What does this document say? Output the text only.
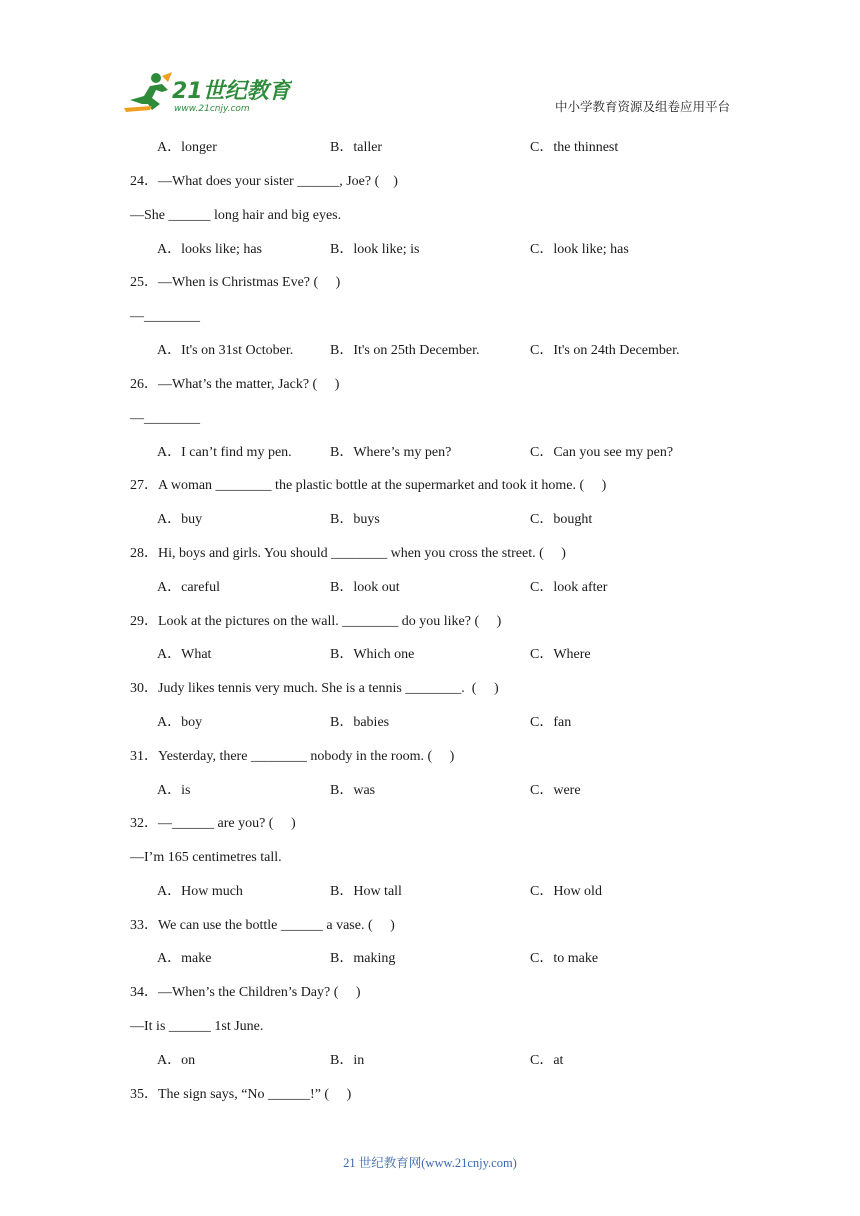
21世纪教育
www.21cnjy.com	中小学教育资源及组卷应用平台
A．longer	B．taller	C．the thinnest
24．—What does your sister ______, Joe? (    )
—She ______ long hair and big eyes.
A．looks like; has	B．look like; is	C．look like; has
25．—When is Christmas Eve? (     )
—________
A．It's on 31st October.	B．It's on 25th December.	C．It's on 24th December.
26．—What’s the matter, Jack? (     )
—________
A．I can’t find my pen.	B．Where’s my pen?	C．Can you see my pen?
27．A woman ________ the plastic bottle at the supermarket and took it home. (     )
A．buy	B．buys	C．bought
28．Hi, boys and girls. You should ________ when you cross the street. (     )
A．careful	B．look out	C．look after
29．Look at the pictures on the wall. ________ do you like? (     )
A．What	B．Which one	C．Where
30．Judy likes tennis very much. She is a tennis ________.  (     )
A．boy	B．babies	C．fan
31．Yesterday, there ________ nobody in the room. (     )
A．is	B．was	C．were
32．—______ are you? (     )
—I’m 165 centimetres tall.
A．How much	B．How tall	C．How old
33．We can use the bottle ______ a vase. (     )
A．make	B．making	C．to make
34．—When’s the Children’s Day? (     )
—It is ______ 1st June.
A．on	B．in	C．at
35．The sign says, “No ______!” (     )
21 世纪教育网(www.21cnjy.com)
